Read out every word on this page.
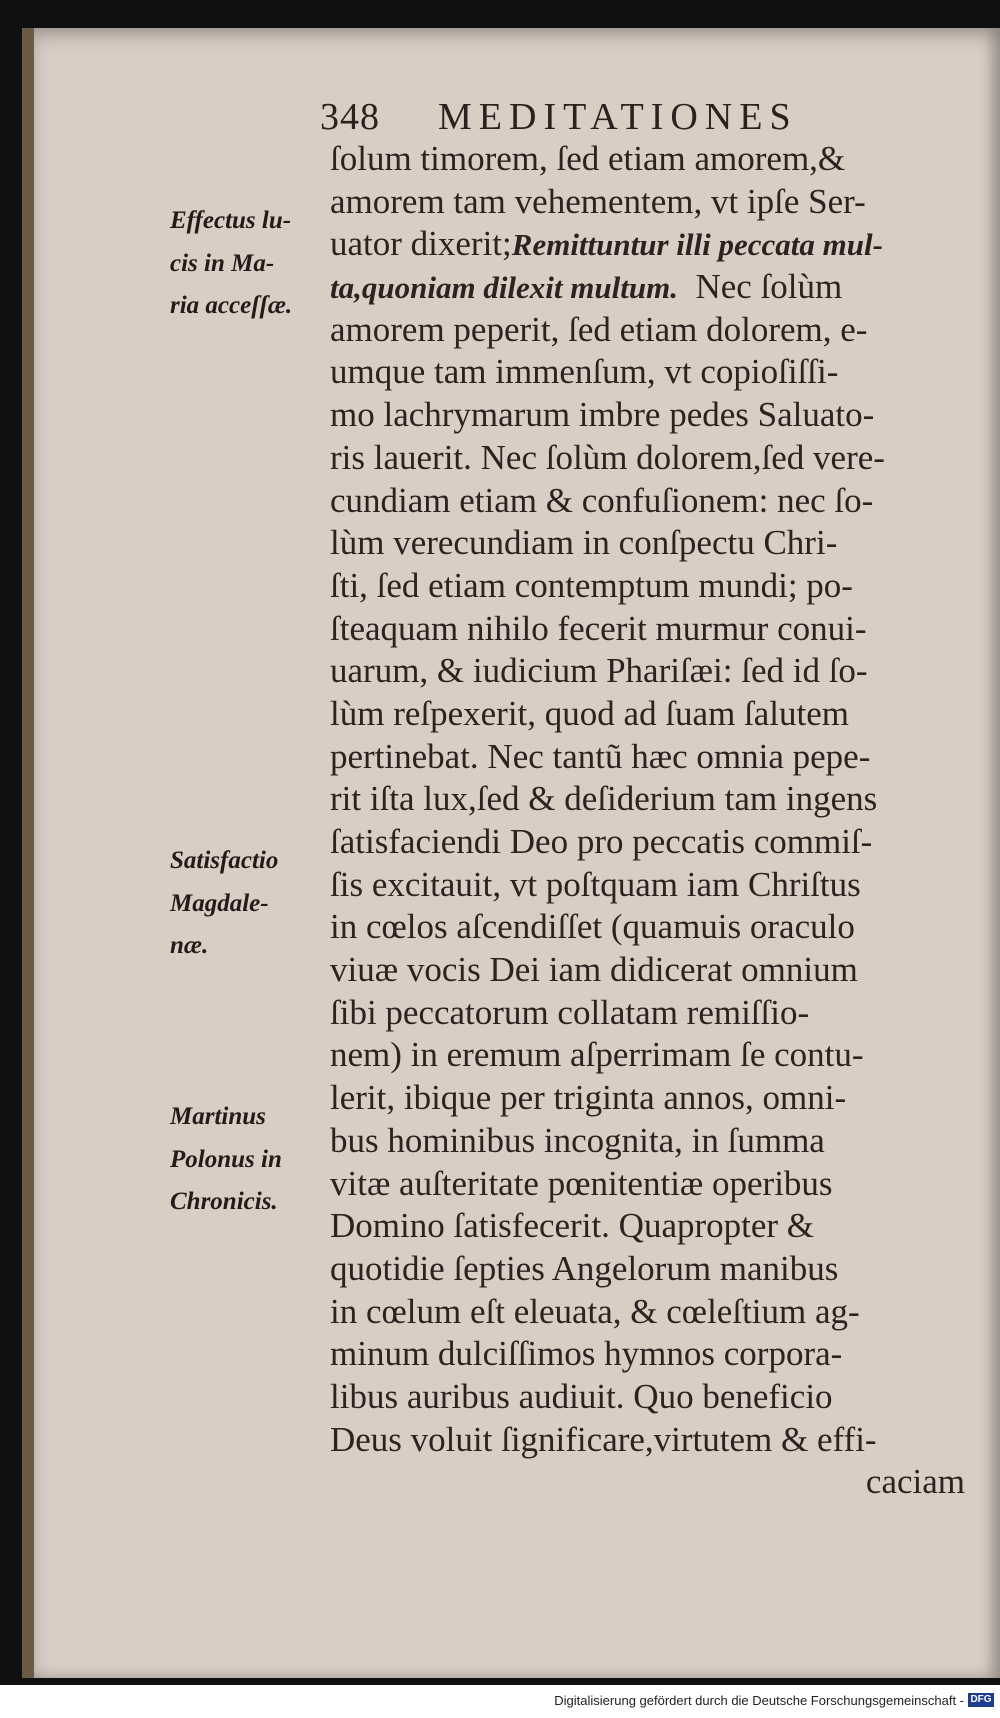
348 MEDITATIONES
ſolum timorem, ſed etiam amorem,&
amorem tam vehementem, vt ipſe Ser-
uator dixerit;Remittuntur illi peccata mul-
ta,quoniam dilexit multum. Nec ſolùm
amorem peperit, ſed etiam dolorem, e-
umque tam immenſum, vt copioſiſſi-
mo lachrymarum imbre pedes Saluato-
ris lauerit. Nec ſolùm dolorem,ſed vere-
cundiam etiam & confuſionem: nec ſo-
lùm verecundiam in conſpectu Chri-
ſti, ſed etiam contemptum mundi; po-
ſteaquam nihilo fecerit murmur conui-
uarum, & iudicium Phariſæi: ſed id ſo-
lùm reſpexerit, quod ad ſuam ſalutem
pertinebat. Nec tantũ hæc omnia pepe-
rit iſta lux,ſed & deſiderium tam ingens
ſatisfaciendi Deo pro peccatis commiſ-
ſis excitauit, vt poſtquam iam Chriſtus
in cœlos aſcendiſſet (quamuis oraculo
viuæ vocis Dei iam didicerat omnium
ſibi peccatorum collatam remiſſio-
nem) in eremum aſperrimam ſe contu-
lerit, ibique per triginta annos, omni-
bus hominibus incognita, in ſumma
vitæ auſteritate pœnitentiæ operibus
Domino ſatisfecerit. Quapropter &
quotidie ſepties Angelorum manibus
in cœlum eſt eleuata, & cœleſtium ag-
minum dulciſſimos hymnos corpora-
libus auribus audiuit. Quo beneficio
Deus voluit ſignificare,virtutem & effi-
caciam
Effectus lu-
cis in Ma-
ria acceſſæ.
Satisfactio
Magdale-
næ.
Martinus
Polonus in
Chronicis.
Digitalisierung gefördert durch die Deutsche Forschungsgemeinschaft - DFG
